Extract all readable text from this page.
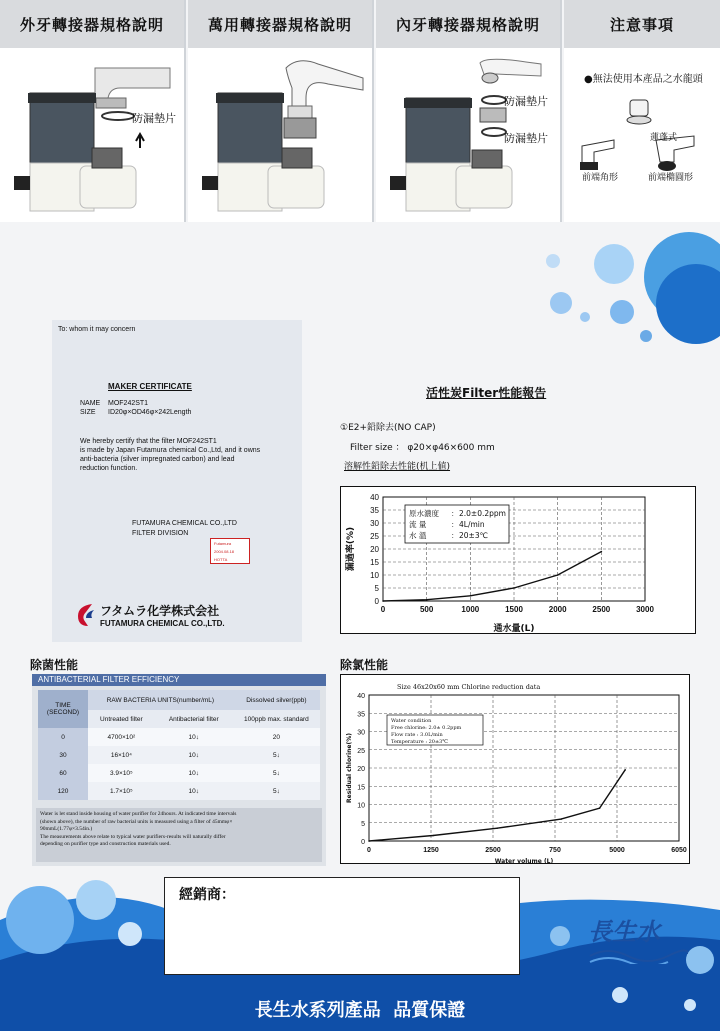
外牙轉接器規格說明
防漏墊片
萬用轉接器規格說明	內牙轉接器規格說明
防漏墊片
防漏墊片
注意事項
●無法使用本產品之水龍頭
蓮蓬式
前端角形	前端橢圓形
To: whom it may concern
MAKER CERTIFICATE
NAME MOF242ST1
SIZE ID20φ×OD46φ×242Length
We hereby certify that the filter MOF242ST1
is made by Japan Futamura chemical Co.,Ltd, and it owns
anti-bacteria (silver impregnated carbon) and lead
reduction function.
FUTAMURA CHEMICAL CO.,LTD
FILTER DIVISION
Futamura
2004.08.18
HOTTA
フタムラ化学株式会社
FUTAMURA CHEMICAL CO.,LTD.
活性炭Filter性能報告
①E2+鉛除去(NO CAP)
Filter size ： φ20×φ46×600 mm
溶解性鉛除去性能(机上値)
0	500	1000	1500	2000	2500	3000
0
5
10
15
20
25
30
35
40
通水量(L)
漏過率(%)
原水濃度 ： 2.0±0.2ppm
流 量	： 4L/min
水 溫	： 20±3℃
除菌性能
ANTIBACTERIAL FILTER EFFICIENCY
TIME
(SECOND)	RAW BACTERIA UNITS(number/mL)		Dissolved silver(ppb)
	Untreated filter	Antibacterial filter	100ppb max. standard
0	4700×10²	10↓	20
30	16×10⁴	10↓	5↓
60	3.9×10⁵	10↓	5↓
120	1.7×10⁵	10↓	5↓
Water is let stand inside housing of water purifier for 24hours. At indicated time intervals
(shown above), the number of raw bacterial units is measured using a filter of 45mmφ×
90mmL(1.77φ×3.54in.)
The measurements above relate to typical water purifiers-results will naturally differ
depending on purifier type and construction materials used.
除氯性能
Size 46x20x60 mm Chlorine reduction data
0	1250	2500	750	5000	6050
0
5
10
15
20
25
30
35
40
Water volume (L)
Residual chlorine(%)
Water condition
Free chlorine: 2.0± 0.2ppm
Flow rate : 3.0L/min
Temperature : 20±3℃
經銷商：
長生水
長生水系列產品  品質保證
